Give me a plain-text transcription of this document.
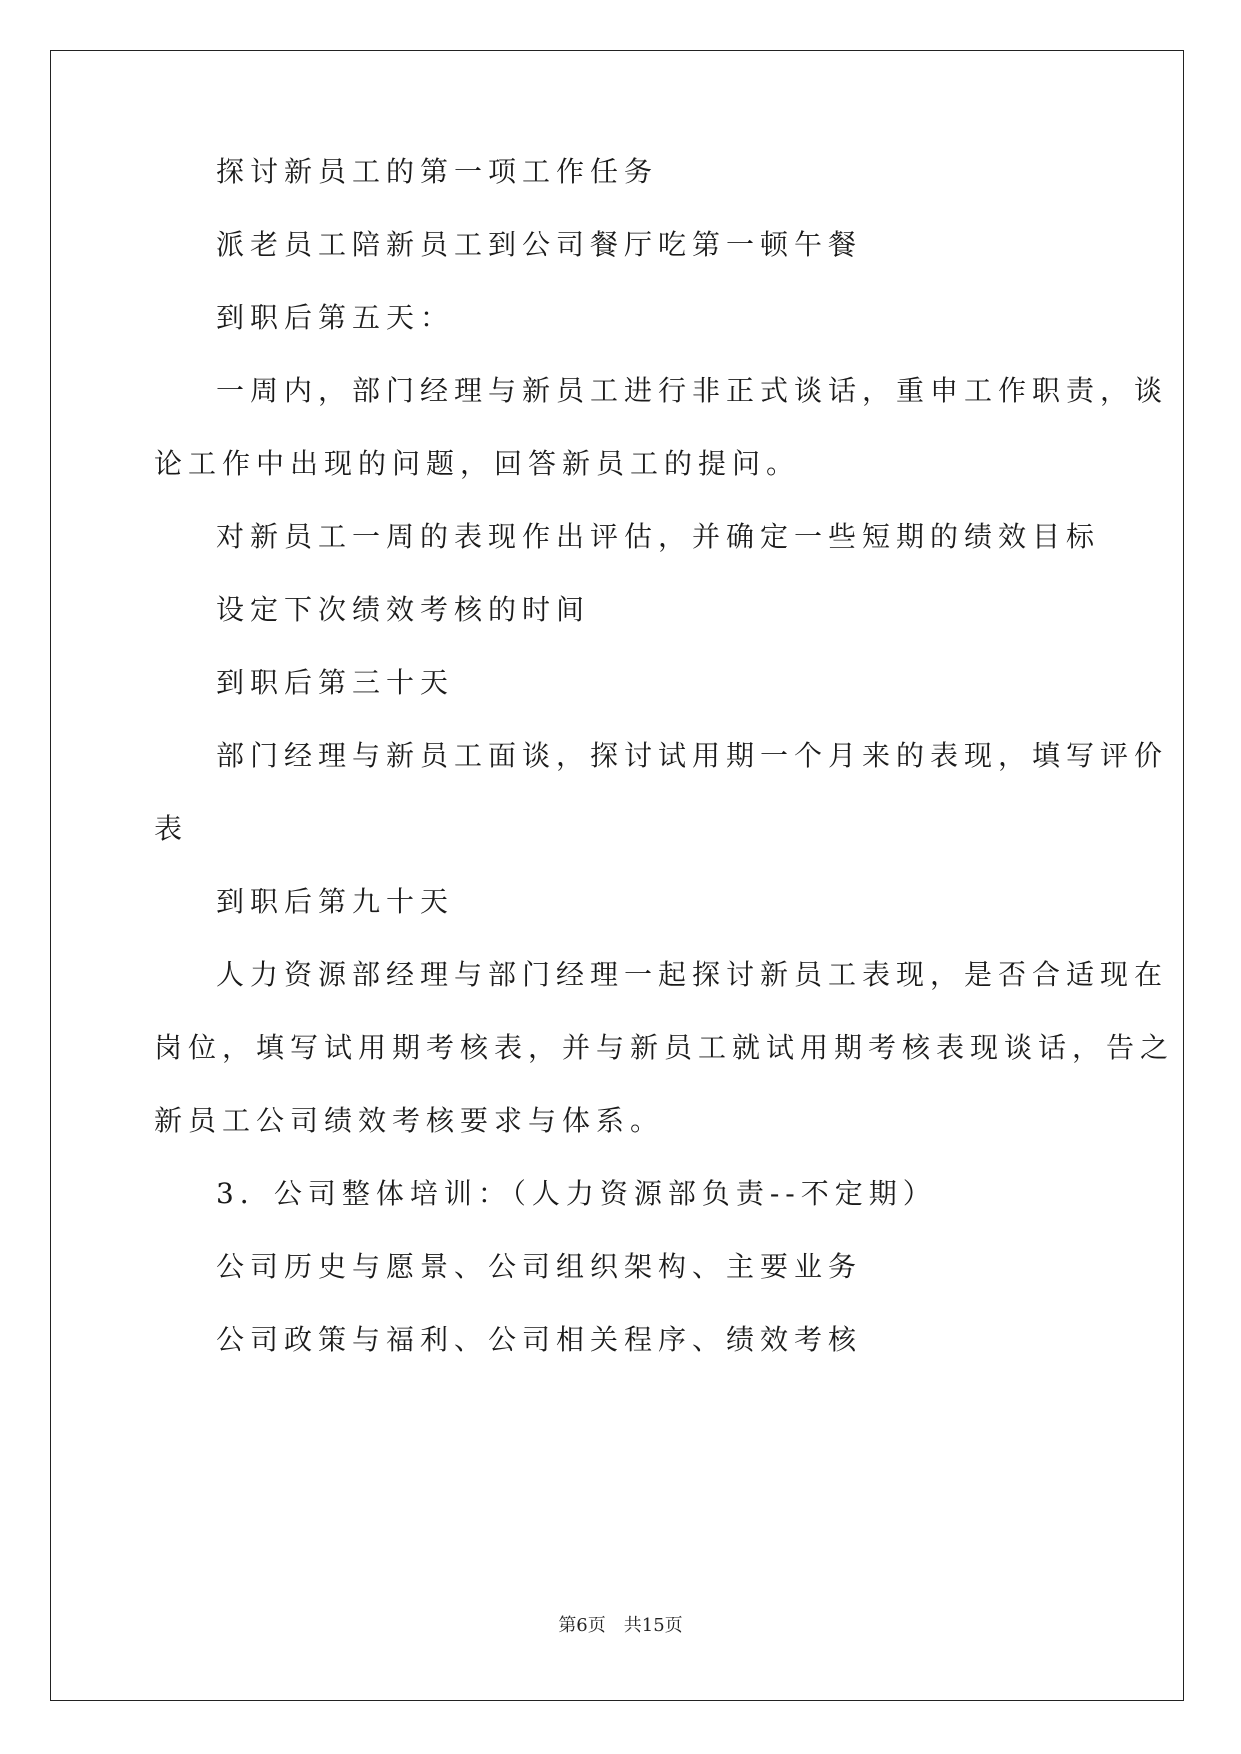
探讨新员工的第一项工作任务
派老员工陪新员工到公司餐厅吃第一顿午餐
到职后第五天：
一周内，部门经理与新员工进行非正式谈话，重申工作职责，谈
论工作中出现的问题，回答新员工的提问。
对新员工一周的表现作出评估，并确定一些短期的绩效目标
设定下次绩效考核的时间
到职后第三十天
部门经理与新员工面谈，探讨试用期一个月来的表现，填写评价
表
到职后第九十天
人力资源部经理与部门经理一起探讨新员工表现，是否合适现在
岗位，填写试用期考核表，并与新员工就试用期考核表现谈话，告之
新员工公司绩效考核要求与体系。
3．公司整体培训：（人力资源部负责--不定期）
公司历史与愿景、公司组织架构、主要业务
公司政策与福利、公司相关程序、绩效考核
第6页　共15页
